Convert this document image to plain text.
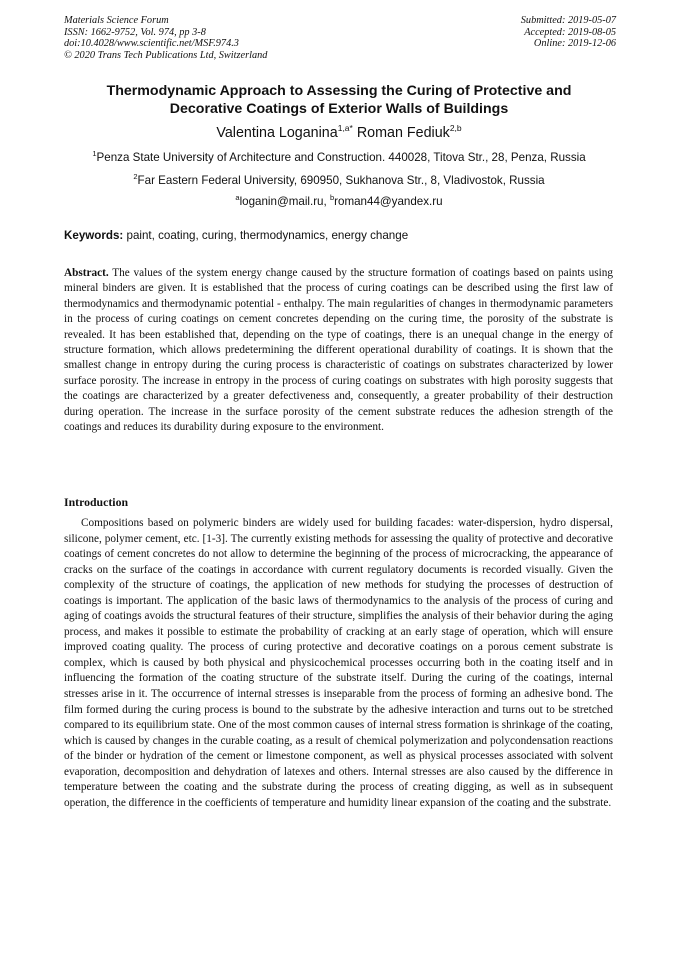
Materials Science Forum
ISSN: 1662-9752, Vol. 974, pp 3-8
doi:10.4028/www.scientific.net/MSF.974.3
© 2020 Trans Tech Publications Ltd, Switzerland
Submitted: 2019-05-07
Accepted: 2019-08-05
Online: 2019-12-06
Thermodynamic Approach to Assessing the Curing of Protective and
Decorative Coatings of Exterior Walls of Buildings
Valentina Loganina$^{1,a*}$ Roman Fediuk$^{2,b}$
$^1$Penza State University of Architecture and Construction. 440028, Titova Str., 28, Penza, Russia
$^2$Far Eastern Federal University, 690950, Sukhanova Str., 8, Vladivostok, Russia
$^a$loganin@mail.ru, $^b$roman44@yandex.ru
Keywords: paint, coating, curing, thermodynamics, energy change
Abstract. The values of the system energy change caused by the structure formation of coatings based on paints using mineral binders are given. It is established that the process of curing coatings can be described using the first law of thermodynamics and thermodynamic potential - enthalpy. The main regularities of changes in thermodynamic parameters in the process of curing coatings on cement concretes depending on the curing time, the porosity of the substrate is revealed. It has been established that, depending on the type of coatings, there is an unequal change in the energy of structure formation, which allows predetermining the different operational durability of coatings. It is shown that the smallest change in entropy during the curing process is characteristic of coatings on substrates characterized by lower surface porosity. The increase in entropy in the process of curing coatings on substrates with high porosity suggests that the coatings are characterized by a greater defectiveness and, consequently, a greater probability of their destruction during operation. The increase in the surface porosity of the cement substrate reduces the adhesion strength of the coatings and reduces its durability during exposure to the environment.
Introduction
Compositions based on polymeric binders are widely used for building facades: water-dispersion, hydro dispersal, silicone, polymer cement, etc. [1-3]. The currently existing methods for assessing the quality of protective and decorative coatings of cement concretes do not allow to determine the beginning of the process of microcracking, the appearance of cracks on the surface of the coatings in accordance with current regulatory documents is recorded visually. Given the complexity of the structure of coatings, the application of new methods for studying the processes of destruction of coatings is important. The application of the basic laws of thermodynamics to the analysis of the process of curing and aging of coatings avoids the structural features of their structure, simplifies the analysis of their behavior during the aging process, and makes it possible to estimate the probability of cracking at an early stage of operation, which will ensure improved coating quality. The process of curing protective and decorative coatings on a porous cement substrate is complex, which is caused by both physical and physicochemical processes occurring both in the coating itself and in influencing the formation of the coating structure of the substrate itself. During the curing of the coatings, internal stresses arise in it. The occurrence of internal stresses is inseparable from the process of forming an adhesive bond. The film formed during the curing process is bound to the substrate by the adhesive interaction and turns out to be stretched compared to its equilibrium state. One of the most common causes of internal stress formation is shrinkage of the coating, which is caused by changes in the curable coating, as a result of chemical polymerization and polycondensation reactions of the binder or hydration of the cement or limestone component, as well as physical processes associated with solvent evaporation, decomposition and dehydration of latexes and others. Internal stresses are also caused by the difference in temperature between the coating and the substrate during the process of creating digging, as well as in subsequent operation, the difference in the coefficients of temperature and humidity linear expansion of the coating and the substrate.
